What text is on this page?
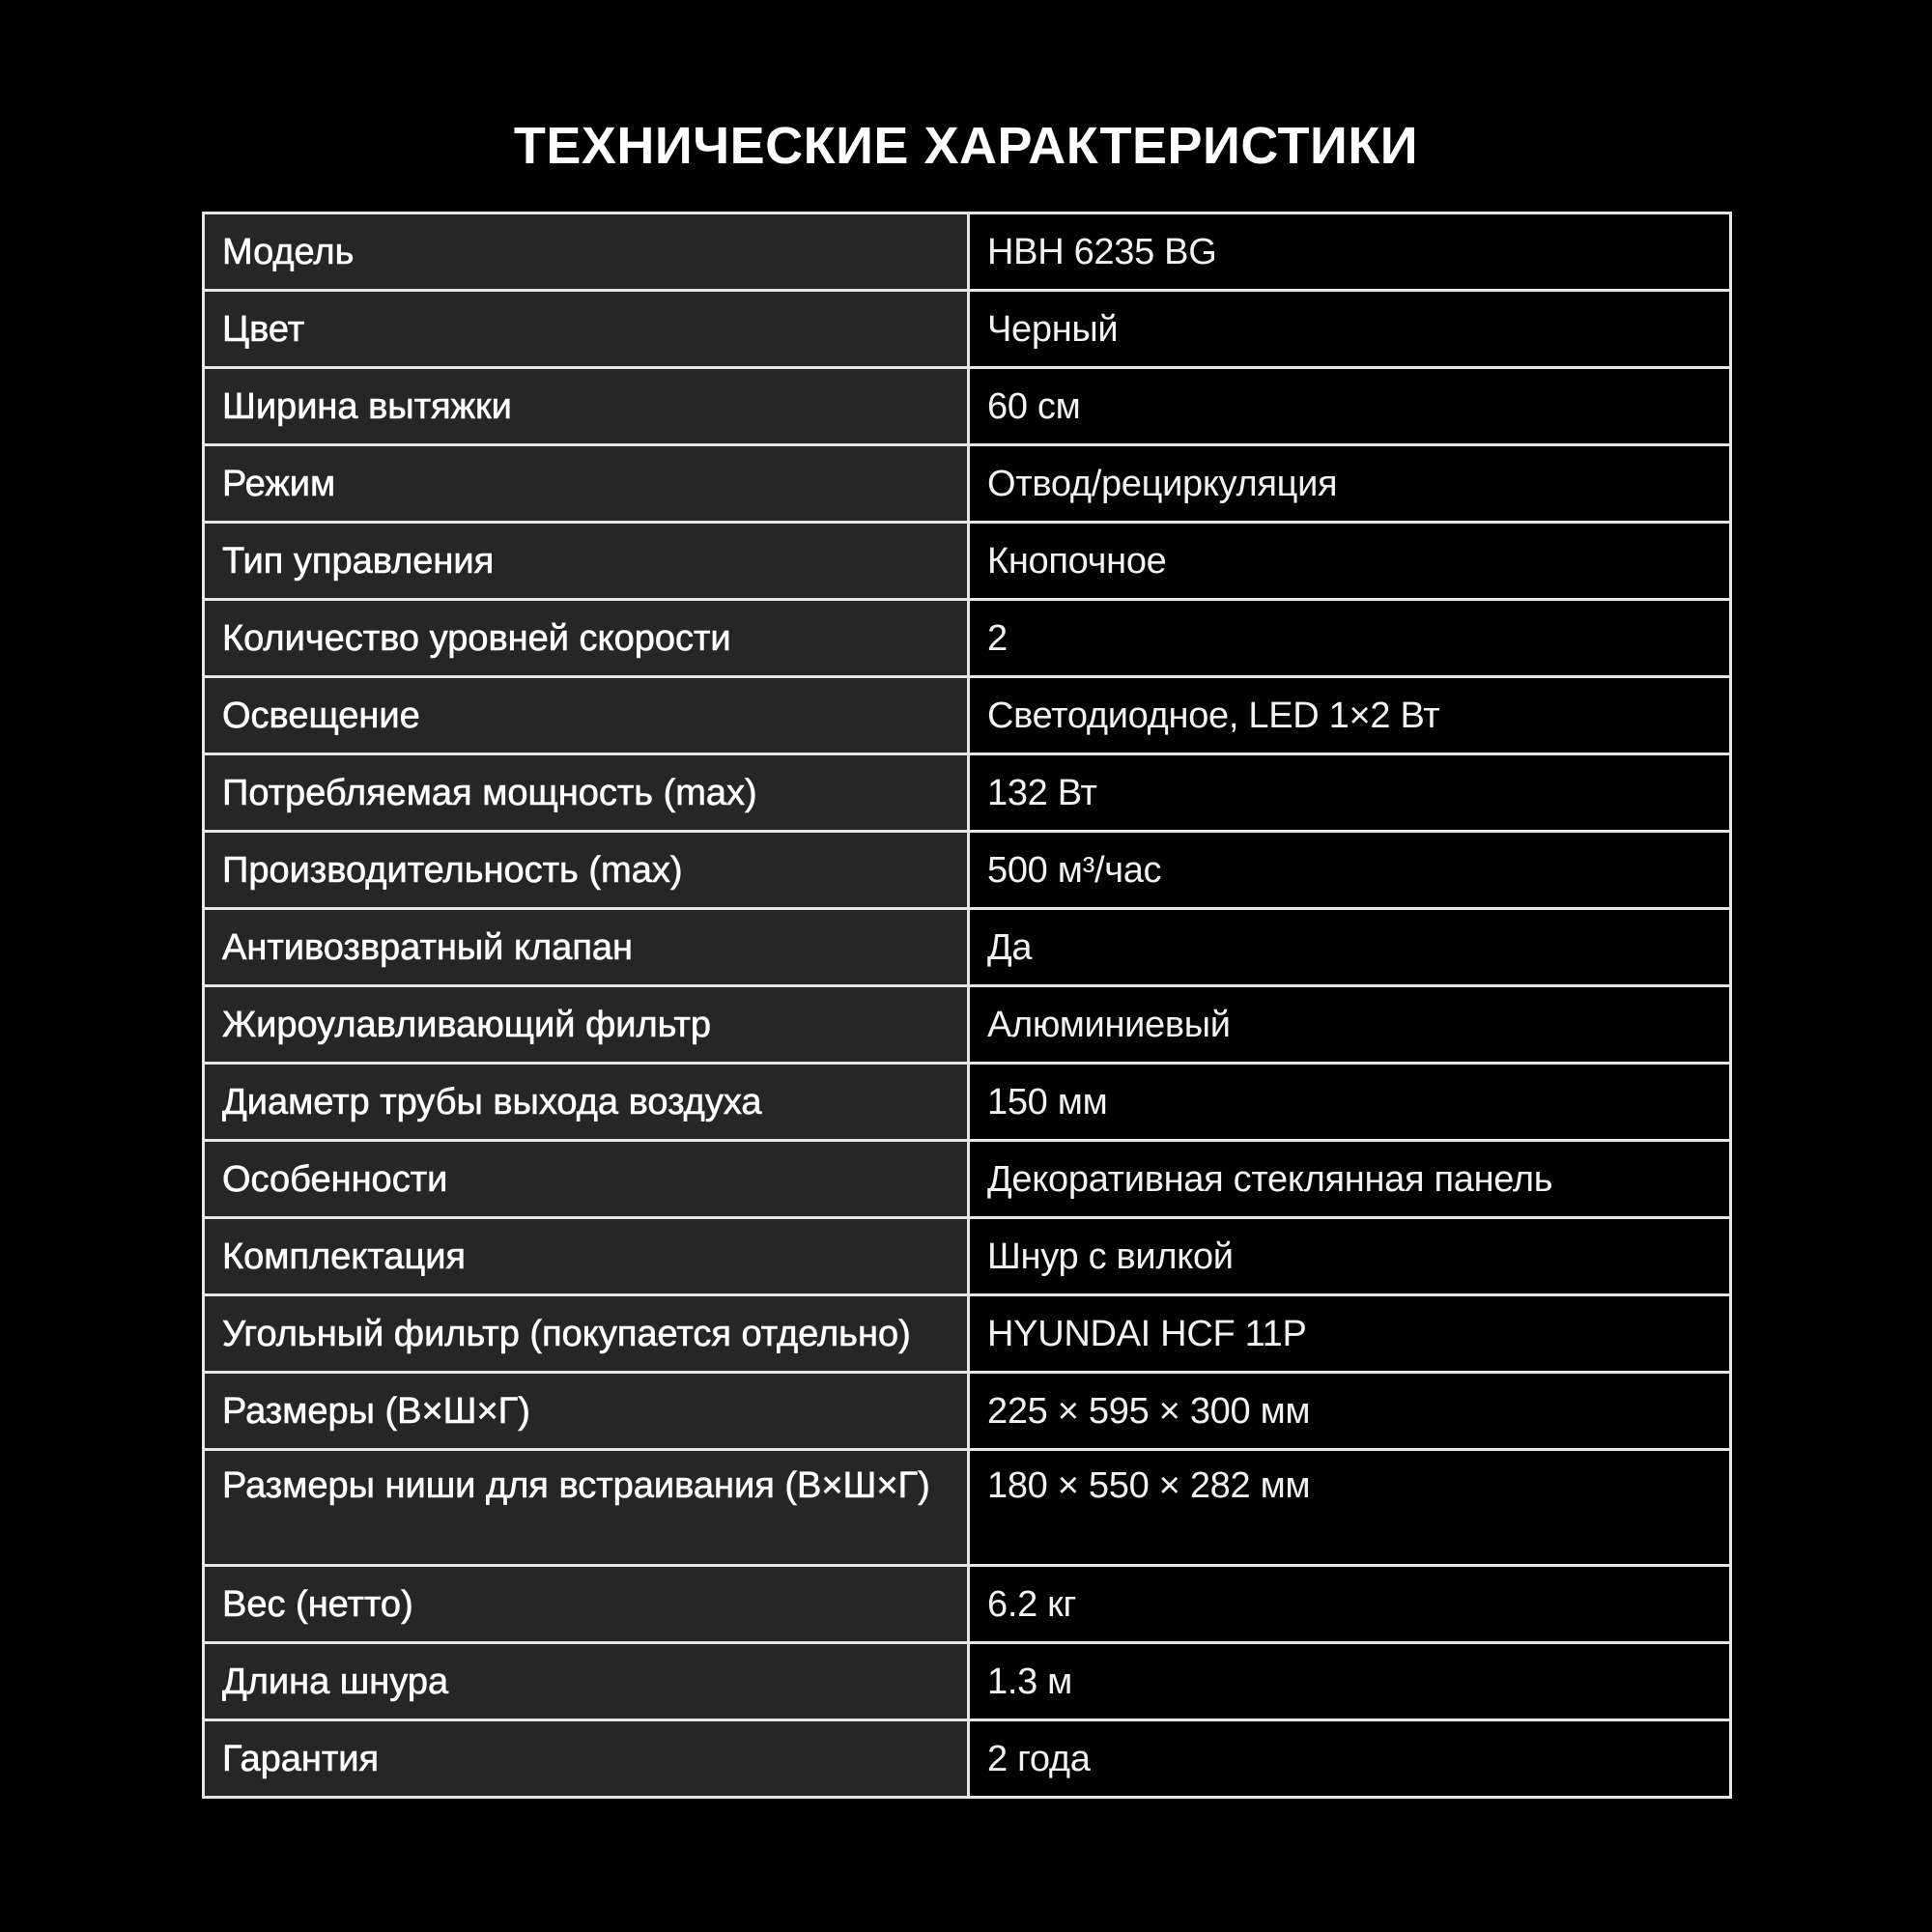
ТЕХНИЧЕСКИЕ ХАРАКТЕРИСТИКИ
Модель	HBH 6235 BG
Цвет	Черный
Ширина вытяжки	60 см
Режим	Отвод/рециркуляция
Тип управления	Кнопочное
Количество уровней скорости	2
Освещение	Светодиодное, LED 1×2 Вт
Потребляемая мощность (max)	132 Вт
Производительность (max)	500 м³/час
Антивозвратный клапан	Да
Жироулавливающий фильтр	Алюминиевый
Диаметр трубы выхода воздуха	150 мм
Особенности	Декоративная стеклянная панель
Комплектация	Шнур с вилкой
Угольный фильтр (покупается отдельно)	HYUNDAI HCF 11P
Размеры (В×Ш×Г)	225 × 595 × 300 мм
Размеры ниши для встраивания (В×Ш×Г)	180 × 550 × 282 мм
Вес (нетто)	6.2 кг
Длина шнура	1.3 м
Гарантия	2 года
